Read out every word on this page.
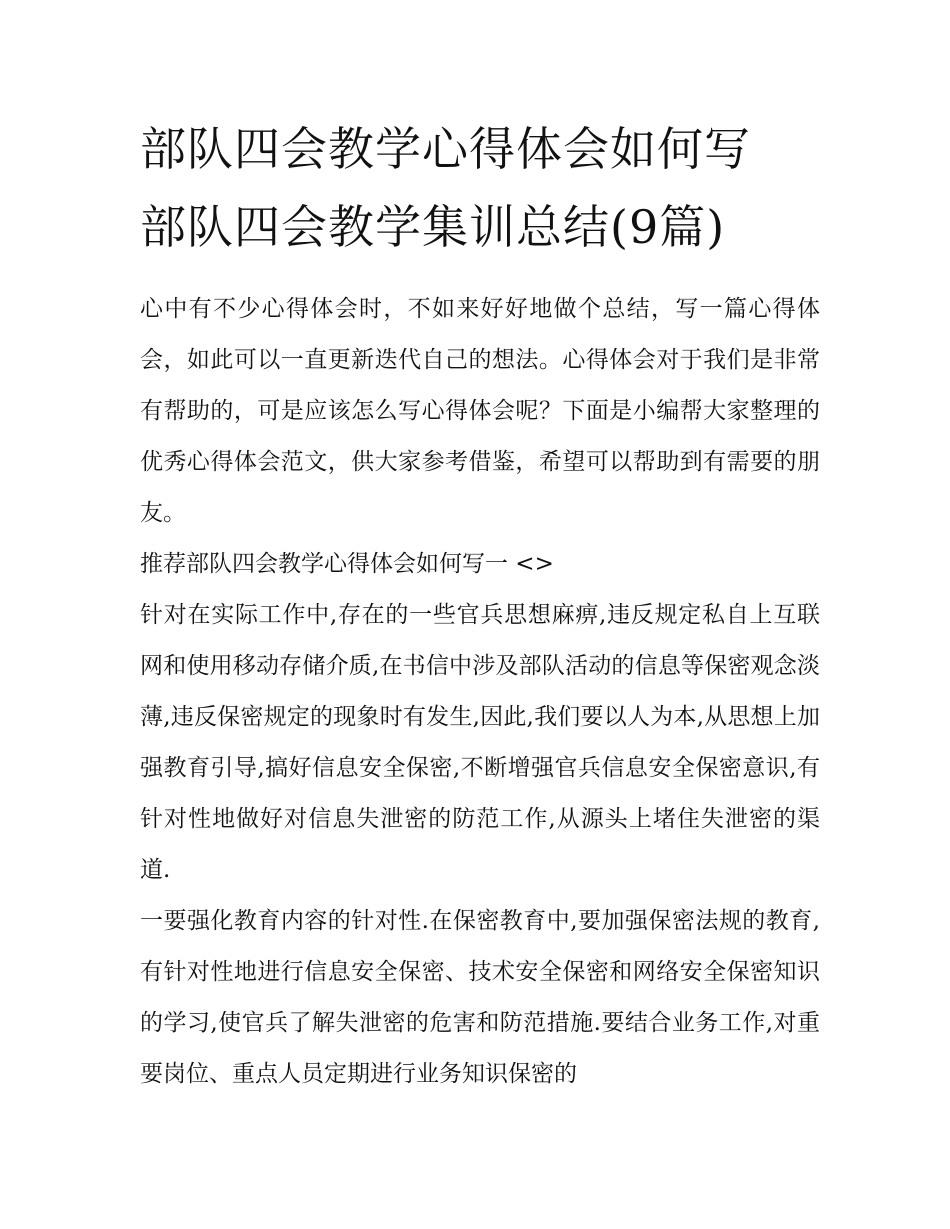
部队四会教学心得体会如何写
部队四会教学集训总结(9篇)

心中有不少心得体会时，不如来好好地做个总结，写一篇心得体会，如此可以一直更新迭代自己的想法。心得体会对于我们是非常有帮助的，可是应该怎么写心得体会呢？下面是小编帮大家整理的优秀心得体会范文，供大家参考借鉴，希望可以帮助到有需要的朋友。

推荐部队四会教学心得体会如何写一 <>

针对在实际工作中,存在的一些官兵思想麻痹,违反规定私自上互联网和使用移动存储介质,在书信中涉及部队活动的信息等保密观念淡薄,违反保密规定的现象时有发生,因此,我们要以人为本,从思想上加强教育引导,搞好信息安全保密,不断增强官兵信息安全保密意识,有针对性地做好对信息失泄密的防范工作,从源头上堵住失泄密的渠道.

一要强化教育内容的针对性.在保密教育中,要加强保密法规的教育,有针对性地进行信息安全保密、技术安全保密和网络安全保密知识的学习,使官兵了解失泄密的危害和防范措施.要结合业务工作,对重要岗位、重点人员定期进行业务知识保密的
